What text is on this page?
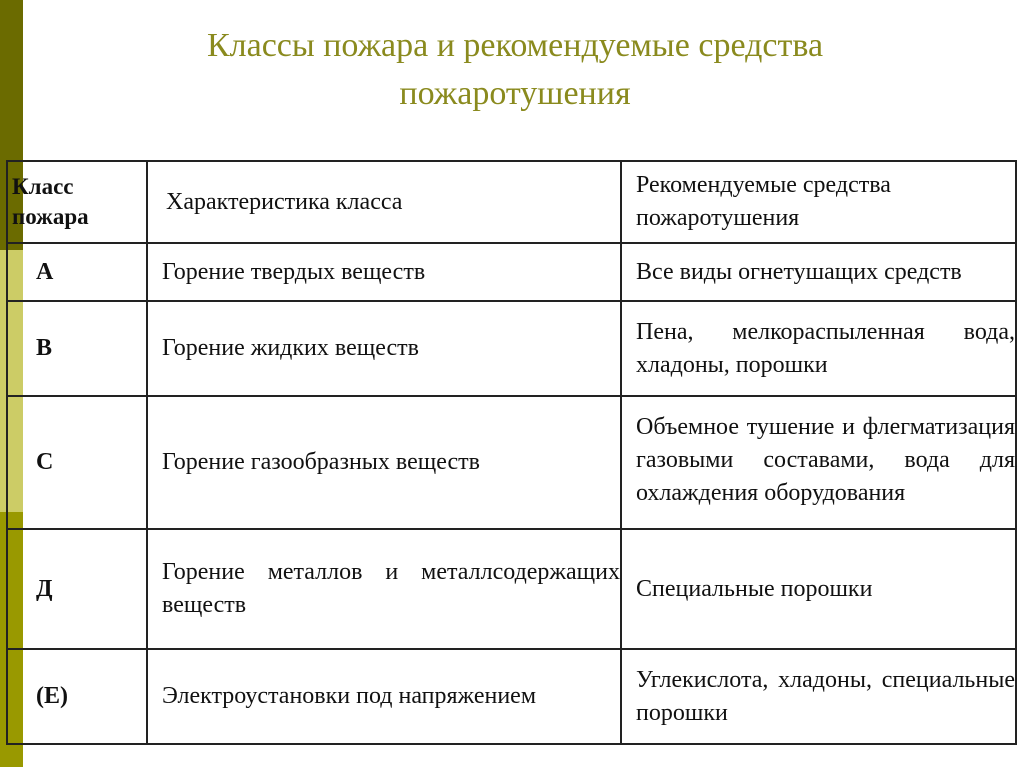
Классы пожара и рекомендуемые средства
пожаротушения
Класс пожара	Характеристика класса	Рекомендуемые средства пожаротушения
А	Горение твердых веществ	Все виды огнетушащих средств
В	Горение жидких веществ	Пена, мелкораспыленная вода, хладоны, порошки
С	Горение газообразных веществ	Объемное тушение и флегматизация газовыми составами, вода для охлаждения оборудования
Д	Горение металлов и металлсодержащих веществ	Специальные порошки
(Е)	Электроустановки под напряжением	Углекислота, хладоны, специальные порошки
